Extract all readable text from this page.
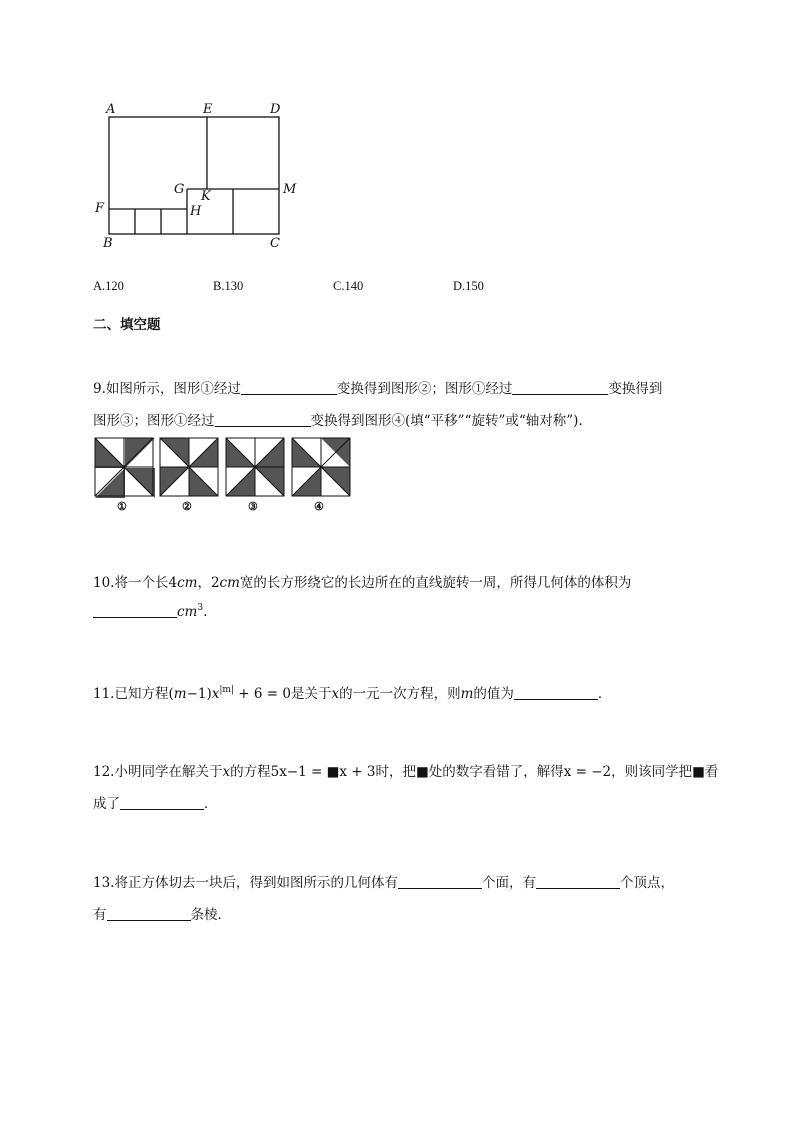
A	E	D
G K	M
F	H
B	C
A.120	B.130	C.140	D.150
二、填空题
9.如图所示，图形①经过	变换得到图形②；图形①经过	变换得到
图形③；图形①经过	变换得到图形④(填“平移”“旋转”或“轴对称”)．
①	②	③	④
10.将一个长4cm，2cm宽的长方形绕它的长边所在的直线旋转一周，所得几何体的体积为
$cm^3$.
11.已知方程$(m-1)x^{|m|} + 6 = 0$是关于x的一元一次方程，则m的值为	．
12.小明同学在解关于x的方程5x−1 = ■x + 3时，把■处的数字看错了，解得x = −2，则该同学把■看
成了	．
13.将正方体切去一块后，得到如图所示的几何体有	个面，有	个顶点，
有	条棱．
